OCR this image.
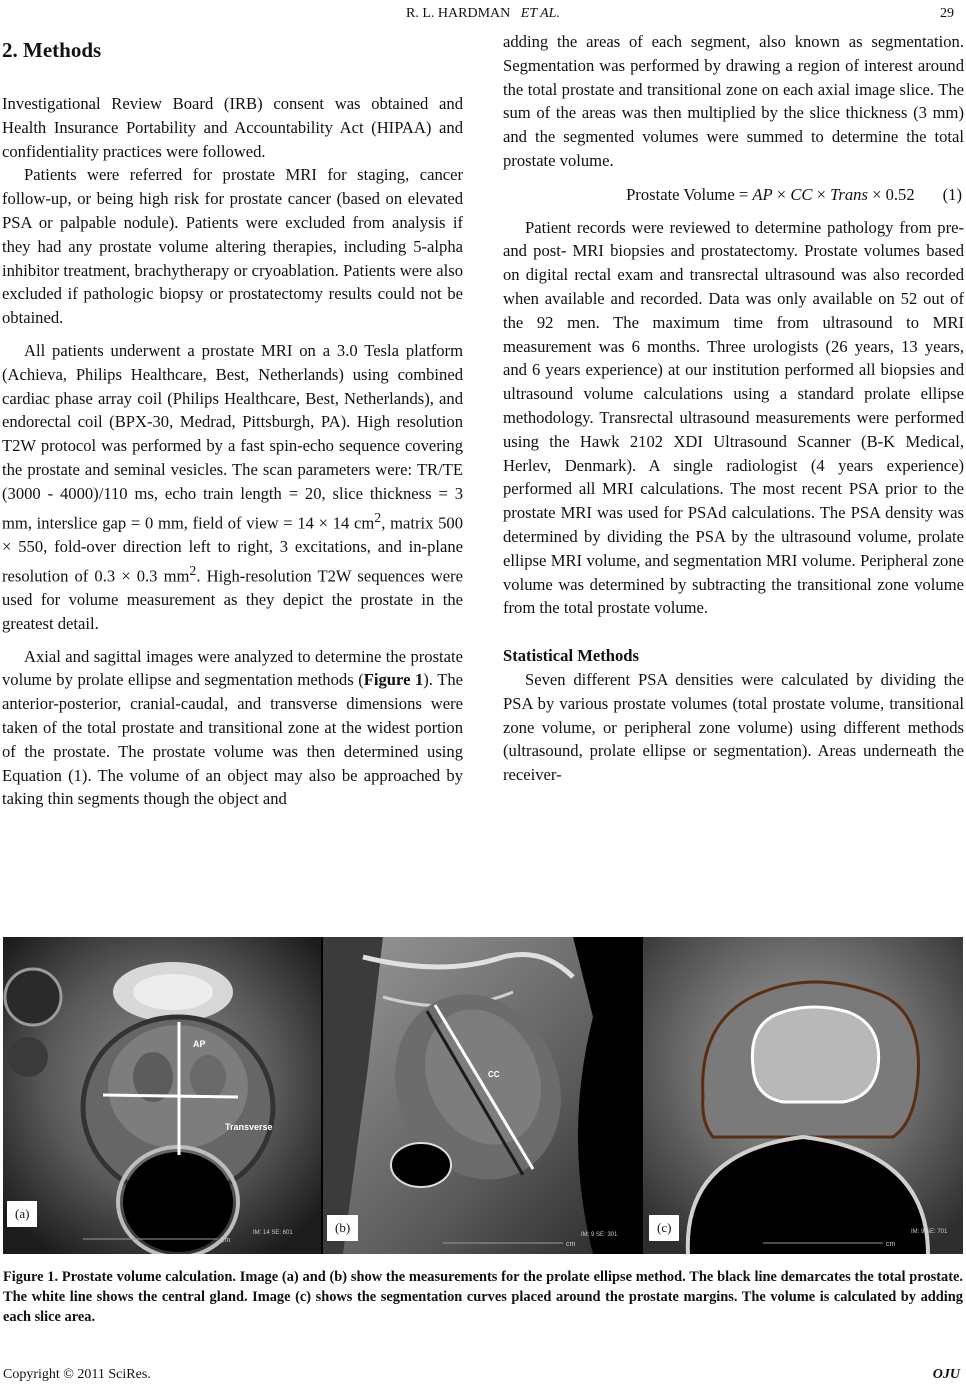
R. L. HARDMAN ET AL.	29

2. Methods

Investigational Review Board (IRB) consent was obtained and Health Insurance Portability and Accountability Act (HIPAA) and confidentiality practices were followed.

Patients were referred for prostate MRI for staging, cancer follow-up, or being high risk for prostate cancer (based on elevated PSA or palpable nodule). Patients were excluded from analysis if they had any prostate volume altering therapies, including 5-alpha inhibitor treatment, brachytherapy or cryoablation. Patients were also excluded if pathologic biopsy or prostatectomy results could not be obtained.

All patients underwent a prostate MRI on a 3.0 Tesla platform (Achieva, Philips Healthcare, Best, Netherlands) using combined cardiac phase array coil (Philips Healthcare, Best, Netherlands), and endorectal coil (BPX-30, Medrad, Pittsburgh, PA). High resolution T2W protocol was performed by a fast spin-echo sequence covering the prostate and seminal vesicles. The scan parameters were: TR/TE (3000 - 4000)/110 ms, echo train length = 20, slice thickness = 3 mm, interslice gap = 0 mm, field of view = 14 × 14 $cm^2$, matrix 500 × 550, fold-over direction left to right, 3 excitations, and in-plane resolution of 0.3 × 0.3 $mm^2$. High-resolution T2W sequences were used for volume measurement as they depict the prostate in the greatest detail.

Axial and sagittal images were analyzed to determine the prostate volume by prolate ellipse and segmentation methods (Figure 1). The anterior-posterior, cranial-caudal, and transverse dimensions were taken of the total prostate and transitional zone at the widest portion of the prostate. The prostate volume was then determined using Equation (1). The volume of an object may also be approached by taking thin segments though the object and

adding the areas of each segment, also known as segmentation. Segmentation was performed by drawing a region of interest around the total prostate and transitional zone on each axial image slice. The sum of the areas was then multiplied by the slice thickness (3 mm) and the segmented volumes were summed to determine the total prostate volume.

Prostate Volume = AP × CC × Trans × 0.52 (1)

Patient records were reviewed to determine pathology from pre- and post- MRI biopsies and prostatectomy. Prostate volumes based on digital rectal exam and transrectal ultrasound was also recorded when available and recorded. Data was only available on 52 out of the 92 men. The maximum time from ultrasound to MRI measurement was 6 months. Three urologists (26 years, 13 years, and 6 years experience) at our institution performed all biopsies and ultrasound volume calculations using a standard prolate ellipse methodology. Transrectal ultrasound measurements were performed using the Hawk 2102 XDI Ultrasound Scanner (B-K Medical, Herlev, Denmark). A single radiologist (4 years experience) performed all MRI calculations. The most recent PSA prior to the prostate MRI was used for PSAd calculations. The PSA density was determined by dividing the PSA by the ultrasound volume, prolate ellipse MRI volume, and segmentation MRI volume. Peripheral zone volume was determined by subtracting the transitional zone volume from the total prostate volume.

Statistical Methods

Seven different PSA densities were calculated by dividing the PSA by various prostate volumes (total prostate volume, transitional zone volume, or peripheral zone volume) using different methods (ultrasound, prolate ellipse or segmentation). Areas underneath the receiver-

AP
Transverse
cm
IM: 14 SE: 601
(a)
CC
cm
IM: 9 SE: 301
(b)
cm
IM: 9 SE: 701
(c)
Figure 1. Prostate volume calculation. Image (a) and (b) show the measurements for the prolate ellipse method. The black line demarcates the total prostate. The white line shows the central gland. Image (c) shows the segmentation curves placed around the prostate margins. The volume is calculated by adding each slice area.
Copyright © 2011 SciRes.	OJU
